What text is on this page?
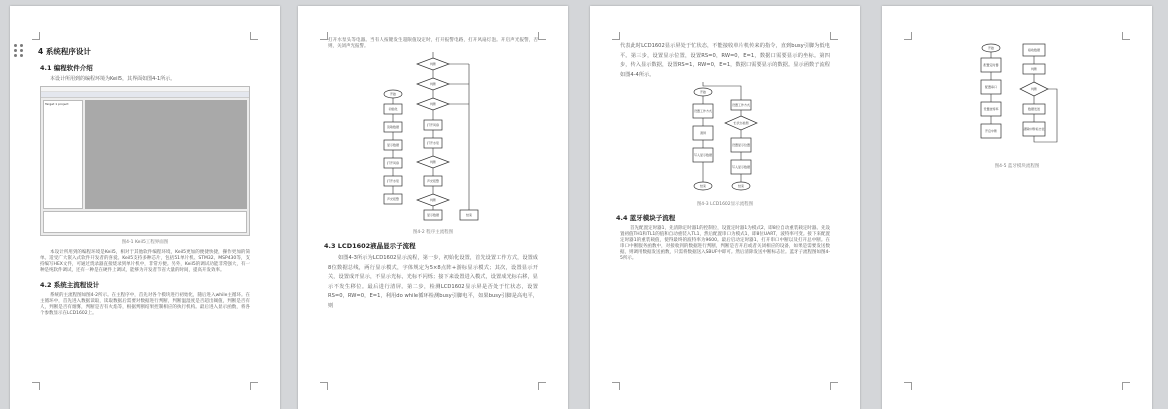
4 系统程序设计
4.1 编程软件介绍
本设计所用到的编程环境为Keil5，其界面如图4-1所示。
Target 1 project
图4-1 Keil5工程界面图
本设计所用到的编程环境是Keil5，相对于其他软件编程环境，Keil5更加的便捷快捷，操作更加的简单。适受广大嵌入式软件开发者的喜爱。Keil5支持多种芯片，包括51单片机、STM32、MSP430等，支持编写HEX文件，可通过烧录器直接烧录到单片机中，非常方便。另外，Keil5的调试功能非常强大，有一种是纯软件调试，还有一种是在硬件上调试，能够为开发者节省大量的时间，提高开发效率。
4.2 系统主流程设计
系统的主流程图如图4-2所示。在主程序中，首先对各个模块进行初始化，随后进入while主循环。在主循环中，首先进入数据读取，读取数据后需要对数据进行判断，判断温湿度是否超出阈值，判断是否有人，判断是否有烟雾，判断是否有火焰等，根据判断结果控制相应的执行机构。最后进入显示函数，将各个参数显示在LCD1602上。
打开水泵头等电器。当有人按键发生超限值设定时，打开报警电路，打开风扇灯泡。开启声光报警，否则，关闭声光报警。
开始
初始化
读取数据
显示数据
打开风扇
打开水泵
声光报警
判断
判断
判断
打开风扇
打开水泵
判断
声光报警
判断
结束
显示数据
图4-2 程序主流程图
4.3 LCD1602液晶显示子流程
如图4-3所示为LCD1602显示流程，第一步，初始化设置，首先设置工作方式，设置成8位数据总线，两行显示模式，字体规定为5×8点阵+游标显示模式；其次，设置显示开关，设置成开显示，不显示光标，光标不闪烁；接下来设置进入模式，设置成光标右移，显示不发生移位。最后进行清屏。第二步，检测LCD1602显示屏是否处于忙状态，设置RS=0，RW=0，E=1，利用do while循环检测busy引脚电平，如果busy引脚是高电平，则
代表此时LCD1602显示屏处于忙状态，不能接收单片机传来的指令，直到busy引脚为低电平。第三步，设置显示位置，设置RS=0，RW=0，E=1，数据口需要显示的坐标。第四步，传入显示数据，设置RS=1，RW=0，E=1，数据口需要显示的数据。显示函数子流程如图4-4所示。
开始
设置工作方式
清屏
写入显示数据
设置工作方式
忙状态检测
设置显示位置
写入显示数据
结束
结束
图4-3 LCD1602显示流程图
4.4 蓝牙模块子流程
首先配置定时器1，先清除定时器1的控制位，设置定时器1为模式2，即8位自动重装载定时器。先设置初值TH1和TL1的值和自动重装入TL1，然后配置串口为模式1，即8位UART，波特率可变。接下来配置定时器1的重装载值，使得最终的波特率为9600。最后启动定时器1，打开串口中断以及打开总中断。在串口中断服务函数中，对接收到的数据进行判断，判断是否开启或者关闭相应的设备，如果是需要发送数据，则调用数据发送函数，只需将数据送入SBUF中即可。然后清除发送中断标志位。蓝牙子流程图如图4-5所示。
开始
配置定时器
配置串口
设置波特率
开启中断
接收数据
判断
判断
数据发送
清除中断标志位
图4-5 蓝牙模块流程图
